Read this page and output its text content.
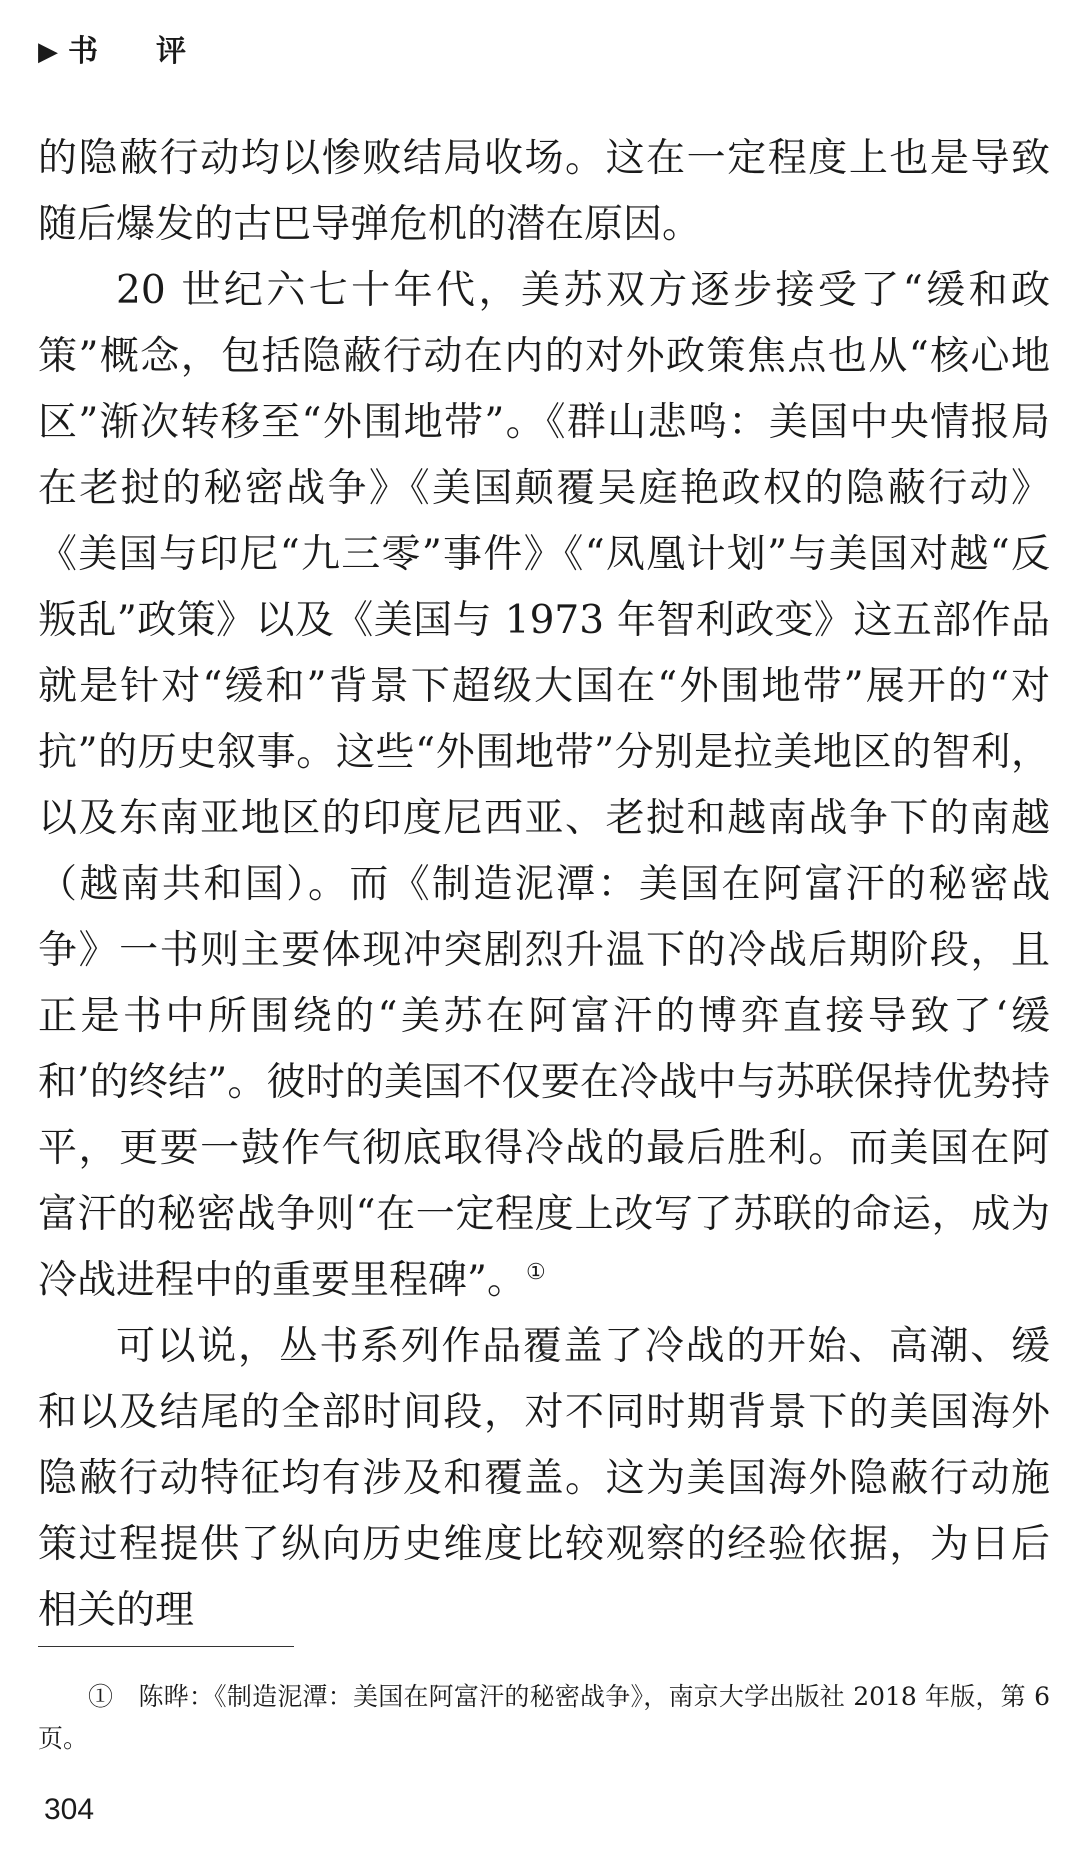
▶ 书评

的隐蔽行动均以惨败结局收场。这在一定程度上也是导致随后爆发的古巴导弹危机的潜在原因。

20 世纪六七十年代，美苏双方逐步接受了“缓和政策”概念，包括隐蔽行动在内的对外政策焦点也从“核心地区”渐次转移至“外围地带”。《群山悲鸣：美国中央情报局在老挝的秘密战争》《美国颠覆吴庭艳政权的隐蔽行动》《美国与印尼“九三零”事件》《“凤凰计划”与美国对越“反叛乱”政策》以及《美国与 1973 年智利政变》这五部作品就是针对“缓和”背景下超级大国在“外围地带”展开的“对抗”的历史叙事。这些“外围地带”分别是拉美地区的智利，以及东南亚地区的印度尼西亚、老挝和越南战争下的南越（越南共和国）。而《制造泥潭：美国在阿富汗的秘密战争》一书则主要体现冲突剧烈升温下的冷战后期阶段，且正是书中所围绕的“美苏在阿富汗的博弈直接导致了‘缓和’的终结”。彼时的美国不仅要在冷战中与苏联保持优势持平，更要一鼓作气彻底取得冷战的最后胜利。而美国在阿富汗的秘密战争则“在一定程度上改写了苏联的命运，成为冷战进程中的重要里程碑”。①

可以说，丛书系列作品覆盖了冷战的开始、高潮、缓和以及结尾的全部时间段，对不同时期背景下的美国海外隐蔽行动特征均有涉及和覆盖。这为美国海外隐蔽行动施策过程提供了纵向历史维度比较观察的经验依据，为日后相关的理

①  陈晔：《制造泥潭：美国在阿富汗的秘密战争》，南京大学出版社 2018 年版，第 6 页。

304
